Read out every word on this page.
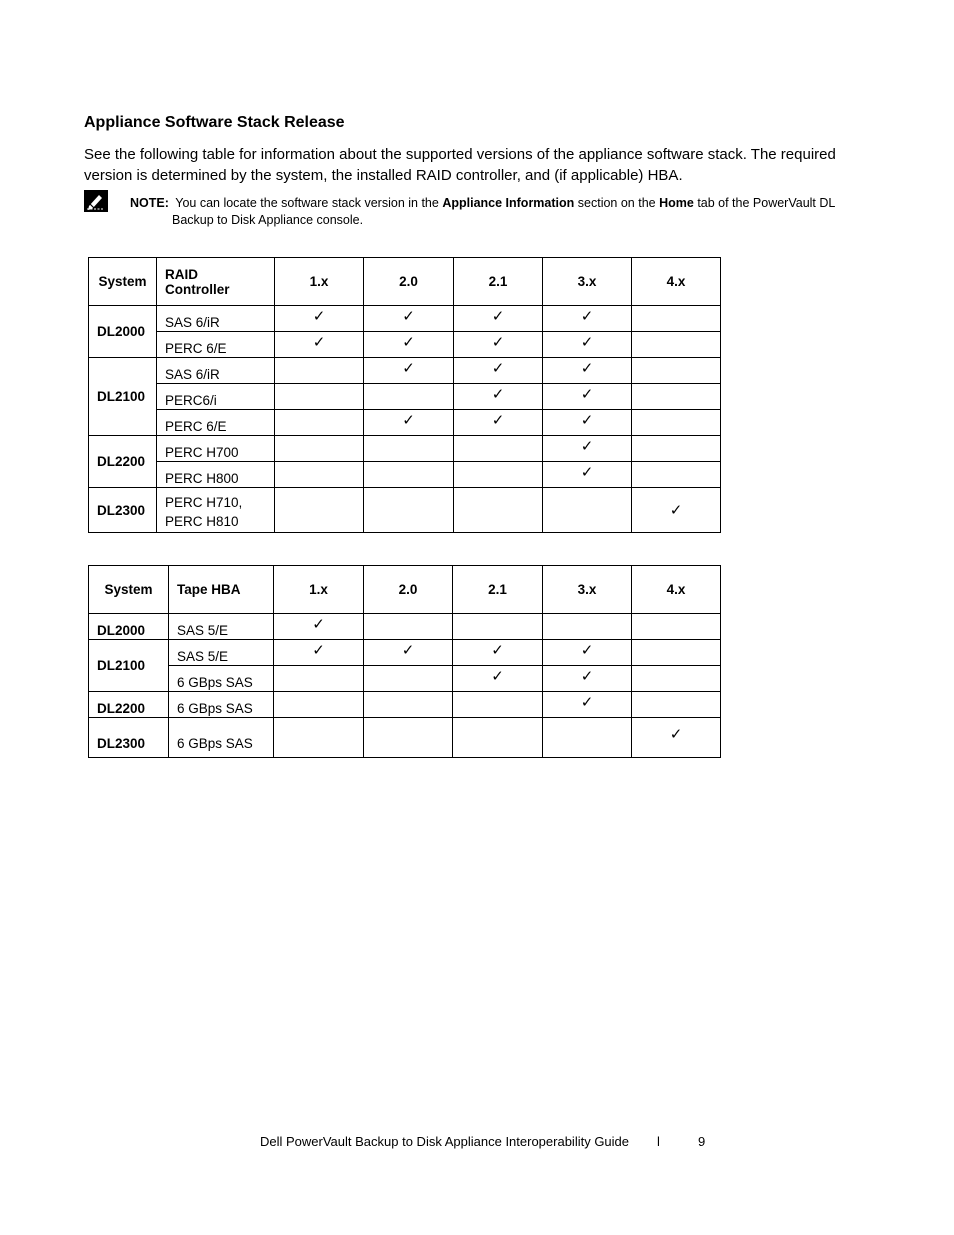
Appliance Software Stack Release

See the following table for information about the supported versions of the appliance software stack. The required version is determined by the system, the installed RAID controller, and (if applicable) HBA.

NOTE: You can locate the software stack version in the Appliance Information section on the Home tab of the PowerVault DL
Backup to Disk Appliance console.
System	RAID Controller	1.x	2.0	2.1	3.x	4.x
DL2000	SAS 6/iR	✓	✓	✓	✓	
	PERC 6/E	✓	✓	✓	✓	
DL2100	SAS 6/iR		✓	✓	✓	
	PERC6/i			✓	✓	
	PERC 6/E		✓	✓	✓	
DL2200	PERC H700				✓	
	PERC H800				✓	
DL2300	PERC H710,
PERC H810					✓
System	Tape HBA	1.x	2.0	2.1	3.x	4.x
DL2000	SAS 5/E	✓				
DL2100	SAS 5/E	✓	✓	✓	✓	
	6 GBps SAS			✓	✓	
DL2200	6 GBps SAS				✓	
DL2300	6 GBps SAS					✓
Dell PowerVault Backup to Disk Appliance Interoperability Guide l	9
